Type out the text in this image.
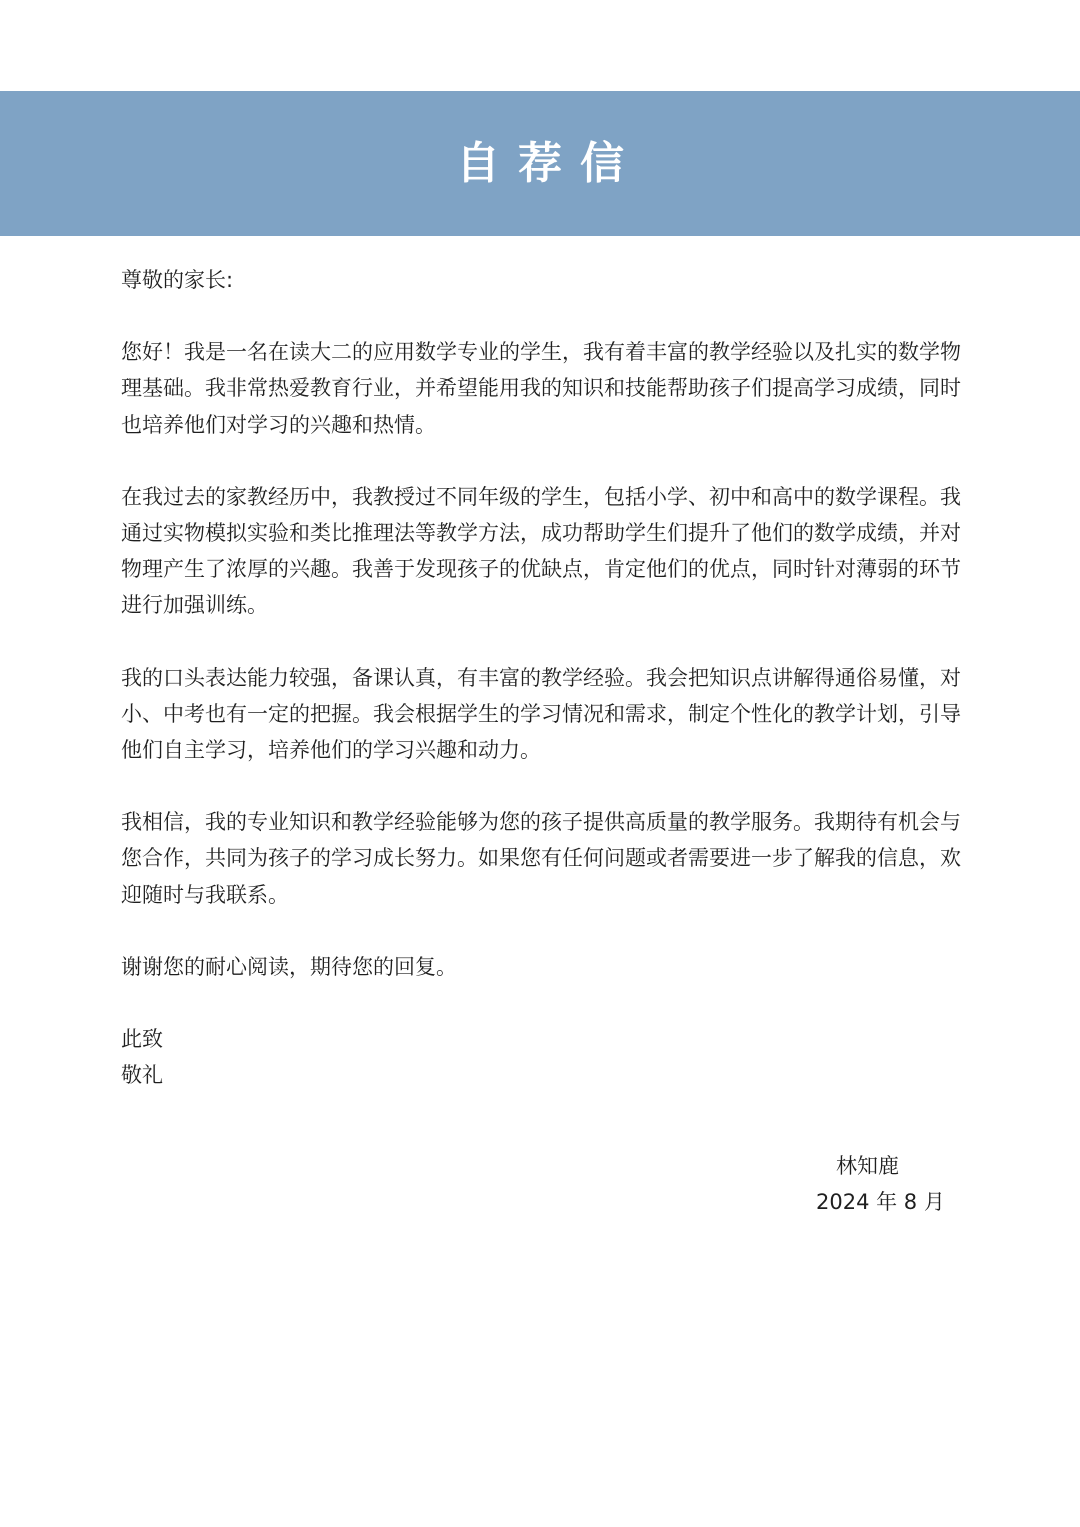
自荐信

尊敬的家长:

您好！我是一名在读大二的应用数学专业的学生，我有着丰富的教学经验以及扎实的数学物理基础。我非常热爱教育行业，并希望能用我的知识和技能帮助孩子们提高学习成绩，同时也培养他们对学习的兴趣和热情。

在我过去的家教经历中，我教授过不同年级的学生，包括小学、初中和高中的数学课程。我通过实物模拟实验和类比推理法等教学方法，成功帮助学生们提升了他们的数学成绩，并对物理产生了浓厚的兴趣。我善于发现孩子的优缺点，肯定他们的优点，同时针对薄弱的环节进行加强训练。

我的口头表达能力较强，备课认真，有丰富的教学经验。我会把知识点讲解得通俗易懂，对小、中考也有一定的把握。我会根据学生的学习情况和需求，制定个性化的教学计划，引导他们自主学习，培养他们的学习兴趣和动力。

我相信，我的专业知识和教学经验能够为您的孩子提供高质量的教学服务。我期待有机会与您合作，共同为孩子的学习成长努力。如果您有任何问题或者需要进一步了解我的信息，欢迎随时与我联系。

谢谢您的耐心阅读，期待您的回复。

此致

敬礼

林知鹿
2024 年 8 月
